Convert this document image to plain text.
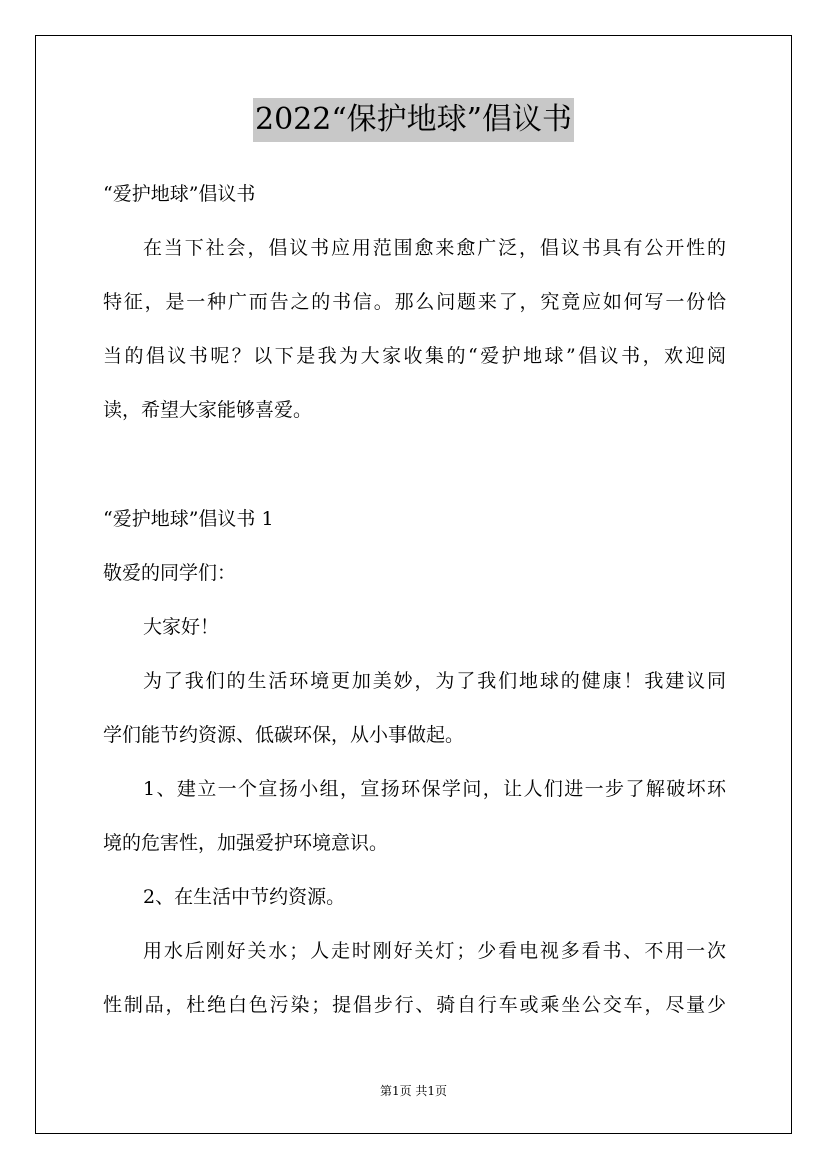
2022“保护地球”倡议书
“爱护地球”倡议书
在当下社会，倡议书应用范围愈来愈广泛，倡议书具有公开性的
特征，是一种广而告之的书信。那么问题来了，究竟应如何写一份恰
当的倡议书呢？以下是我为大家收集的“爱护地球”倡议书，欢迎阅
读，希望大家能够喜爱。
“爱护地球”倡议书 1
敬爱的同学们：
大家好！
为了我们的生活环境更加美妙，为了我们地球的健康！我建议同
学们能节约资源、低碳环保，从小事做起。
1、建立一个宣扬小组，宣扬环保学问，让人们进一步了解破坏环
境的危害性，加强爱护环境意识。
2、在生活中节约资源。
用水后刚好关水；人走时刚好关灯；少看电视多看书、不用一次
性制品，杜绝白色污染；提倡步行、骑自行车或乘坐公交车，尽量少
第1页 共1页
